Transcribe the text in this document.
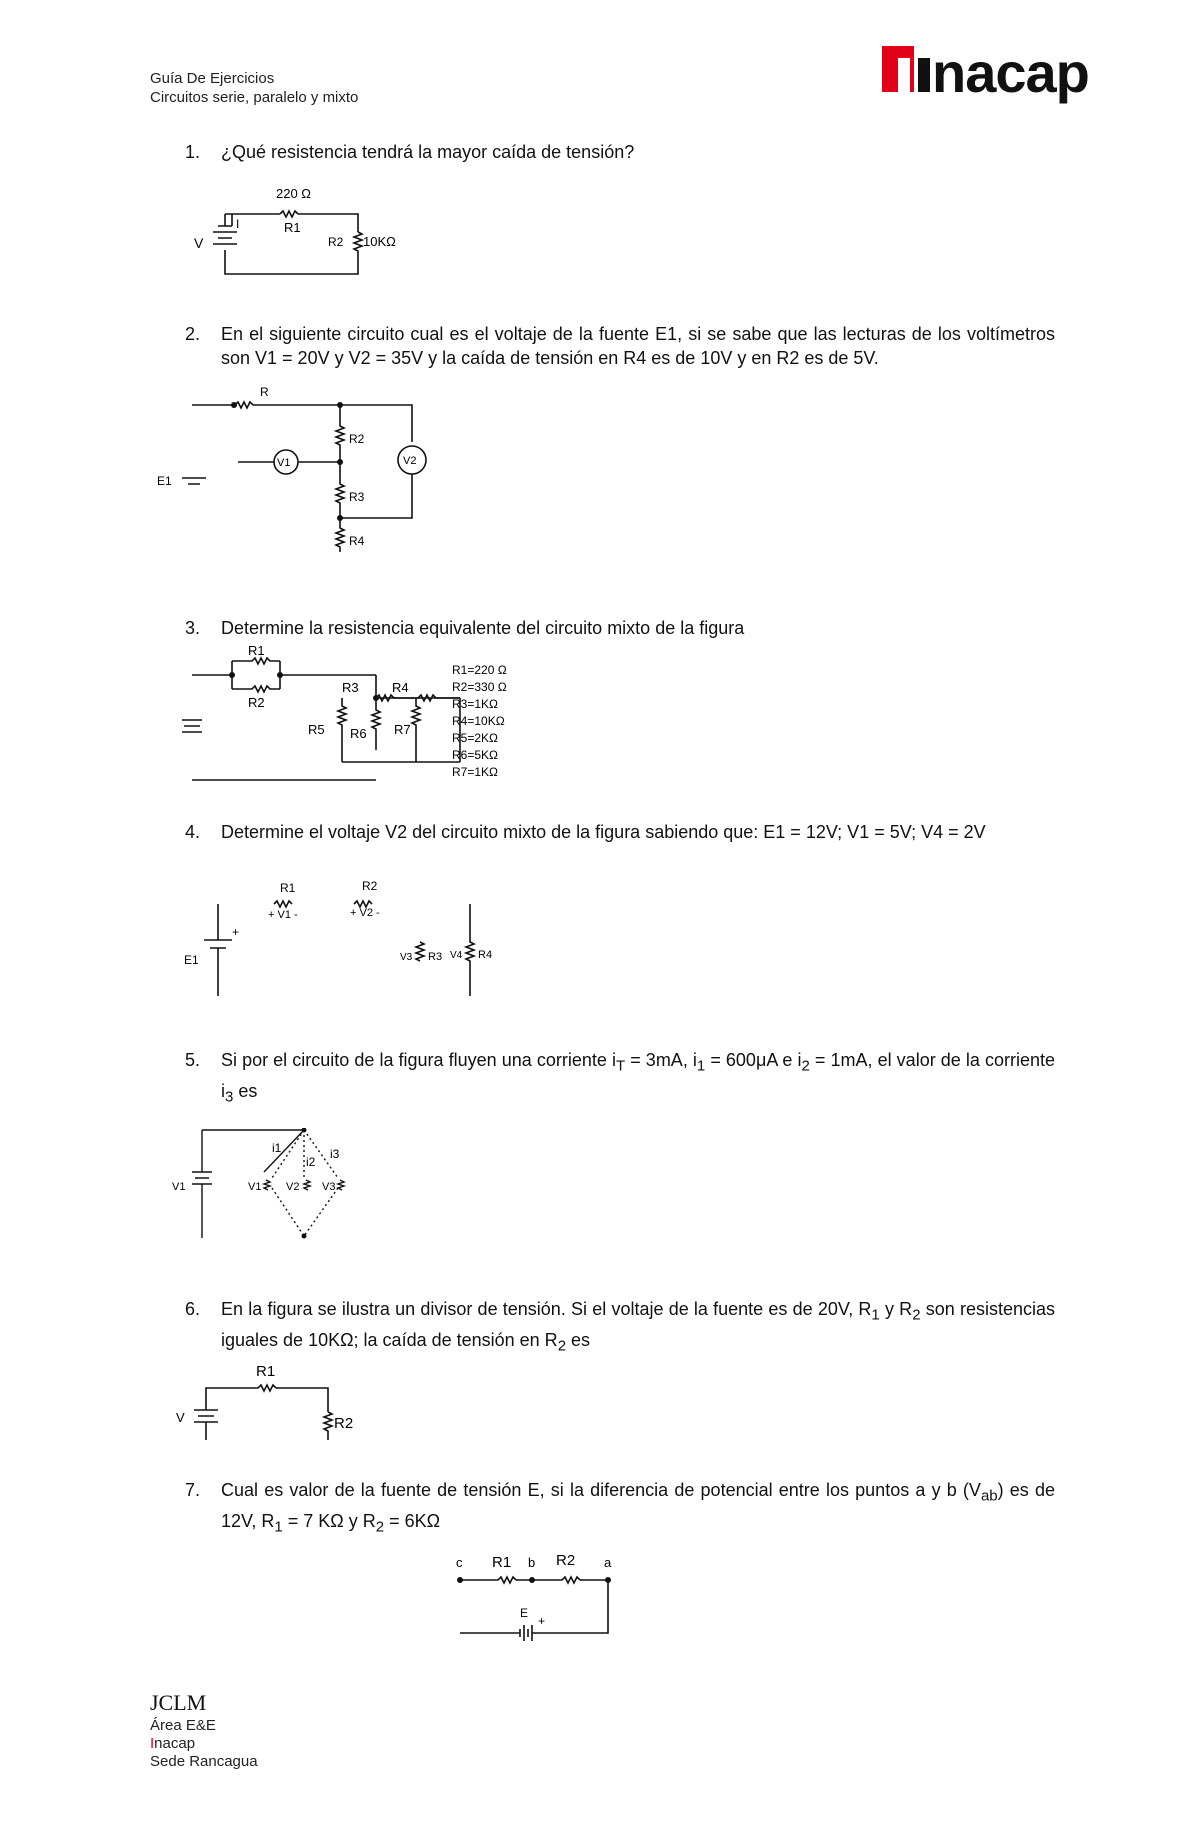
Guía De Ejercicios
Circuitos serie, paralelo y mixto	nacap
1. ¿Qué resistencia tendrá la mayor caída de tensión?
220 Ω
R1
R2 10KΩ
V
I
2. En el siguiente circuito cual es el voltaje de la fuente E1, si se sabe que las lecturas de los voltímetros son V1 = 20V y V2 = 35V y la caída de tensión en R4 es de 10V y en R2 es de 5V.
R
R2
R3
R4
V1	V2
E1
3. Determine la resistencia equivalente del circuito mixto de la figura
R1
R2
R3	R4
R5 R6 R7
R1=220 Ω
R2=330 Ω
R3=1KΩ
R4=10KΩ
R5=2KΩ
R6=5KΩ
R7=1KΩ
4. Determine el voltaje V2 del circuito mixto de la figura sabiendo que: E1 = 12V; V1 = 5V; V4 = 2V
R1	R2
+ V1 -	+ V2 -
R3
V3	R4
V4
E1
+
5. Si por el circuito de la figura fluyen una corriente $i_T = 3mA$, $i_1 = 600\mu A$ e $i_2 = 1mA$, el valor de la corriente $i_3$ es
V1
i1
i2
i3
V1 V2 V3
6. En la figura se ilustra un divisor de tensión. Si el voltaje de la fuente es de 20V, $R_1$ y $R_2$ son resistencias iguales de 10KΩ; la caída de tensión en $R_2$ es
R1
R2
V
7. Cual es valor de la fuente de tensión E, si la diferencia de potencial entre los puntos a y b $(V_{ab})$ es de 12V, $R_1 = 7$ KΩ y $R_2 = 6K\Omega$
c R1 b R2 a
E
+
JCLM
Área E&E
Inacap
Sede Rancagua
